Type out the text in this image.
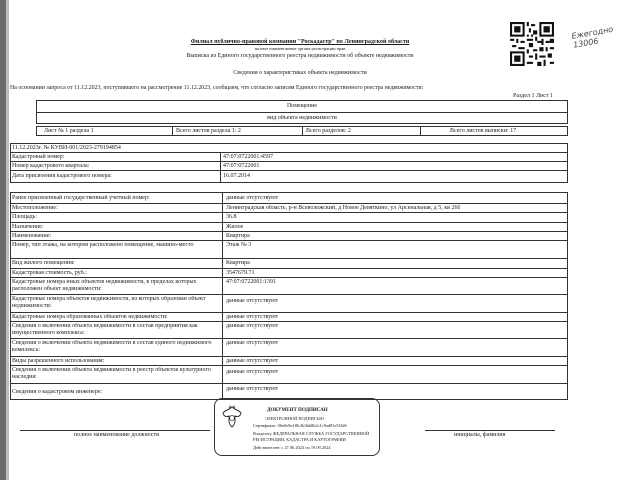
Ежегодно 13006
Филиал публично-правовой компании "Роскадастр" по Ленинградской области
полное наименование органа регистрации прав
Выписка из Единого государственного реестра недвижимости об объекте недвижимости
Сведения о характеристиках объекта недвижимости
На основании запроса от 11.12.2023, поступившего на рассмотрение 11.12.2023, сообщаем, что согласно записям Единого государственного реестра недвижимости:
Раздел 1 Лист 1
Помещение
вид объекта недвижимости
Лист № 1 раздела 1	Всего листов раздела 1: 2	Всего разделов: 2	Всего листов выписки: 17
11.12.2023г. № КУВИ-001/2023-279194854
Кадастровый номер:	47:07:0722001:4597
Номер кадастрового квартала:	47:07:0722001
Дата присвоения кадастрового номера:	16.07.2014
Ранее присвоенный государственный учетный номер:	данные отсутствуют
Местоположение:	Ленинградская область, р-н Всеволожский, д Новое Девяткино, ул Арсенальная, д 5, кв 260
Площадь:	36.8
Назначение:	Жилое
Наименование:	Квартира
Номер, тип этажа, на котором расположено помещение, машино-место	Этаж № 3
Вид жилого помещения:	Квартира
Кадастровая стоимость, руб.:	3547679.71
Кадастровые номера иных объектов недвижимости, в пределах которых расположен объект недвижимости:
47:07:0722001:1391
Кадастровые номера объектов недвижимости, из которых образован объект недвижимости:
данные отсутствуют
Кадастровые номера образованных объектов недвижимости:	данные отсутствуют
Сведения о включении объекта недвижимости в состав предприятия как имущественного комплекса:
данные отсутствуют
Сведения о включении объекта недвижимости в состав единого недвижимого комплекса:
данные отсутствуют
Виды разрешенного использования:	данные отсутствуют
Сведения о включении объекта недвижимости в реестр объектов культурного наследия:
данные отсутствуют
Сведения о кадастровом инженере:	данные отсутствуют
ДОКУМЕНТ ПОДПИСАН
ЭЛЕКТРОННОЙ ПОДПИСЬЮ
Сертификат: 00a0e9e2f8c3b3bb8b2c1c9ad81e5f3d6
Владелец: ФЕДЕРАЛЬНАЯ СЛУЖБА ГОСУДАРСТВЕННОЙ
РЕГИСТРАЦИИ, КАДАСТРА И КАРТОГРАФИИ
Действителен: с 27.06.2023 по 19.09.2024
полное наименование должности	инициалы, фамилия
